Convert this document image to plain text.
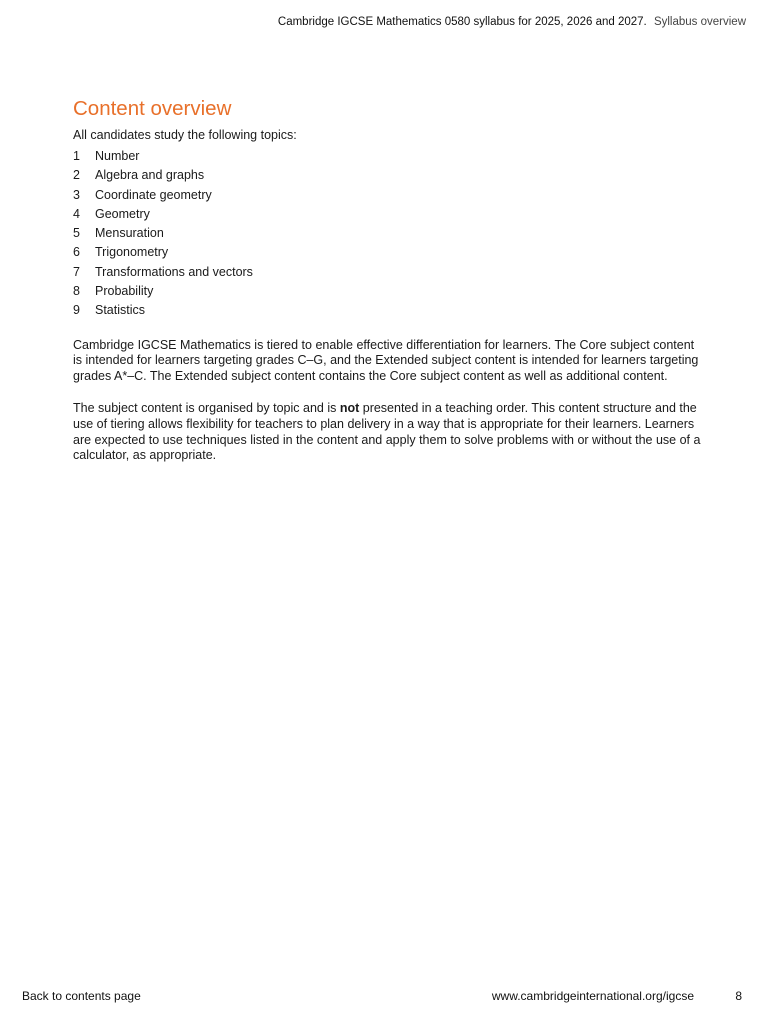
Cambridge IGCSE Mathematics 0580 syllabus for 2025, 2026 and 2027. Syllabus overview
Content overview

All candidates study the following topics:

1	Number
2	Algebra and graphs
3	Coordinate geometry
4	Geometry
5	Mensuration
6	Trigonometry
7	Transformations and vectors
8	Probability
9	Statistics

Cambridge IGCSE Mathematics is tiered to enable effective differentiation for learners. The Core subject content is intended for learners targeting grades C–G, and the Extended subject content is intended for learners targeting grades A*–C. The Extended subject content contains the Core subject content as well as additional content.

The subject content is organised by topic and is not presented in a teaching order. This content structure and the use of tiering allows flexibility for teachers to plan delivery in a way that is appropriate for their learners. Learners are expected to use techniques listed in the content and apply them to solve problems with or without the use of a calculator, as appropriate.

Back to contents page	www.cambridgeinternational.org/igcse	8
